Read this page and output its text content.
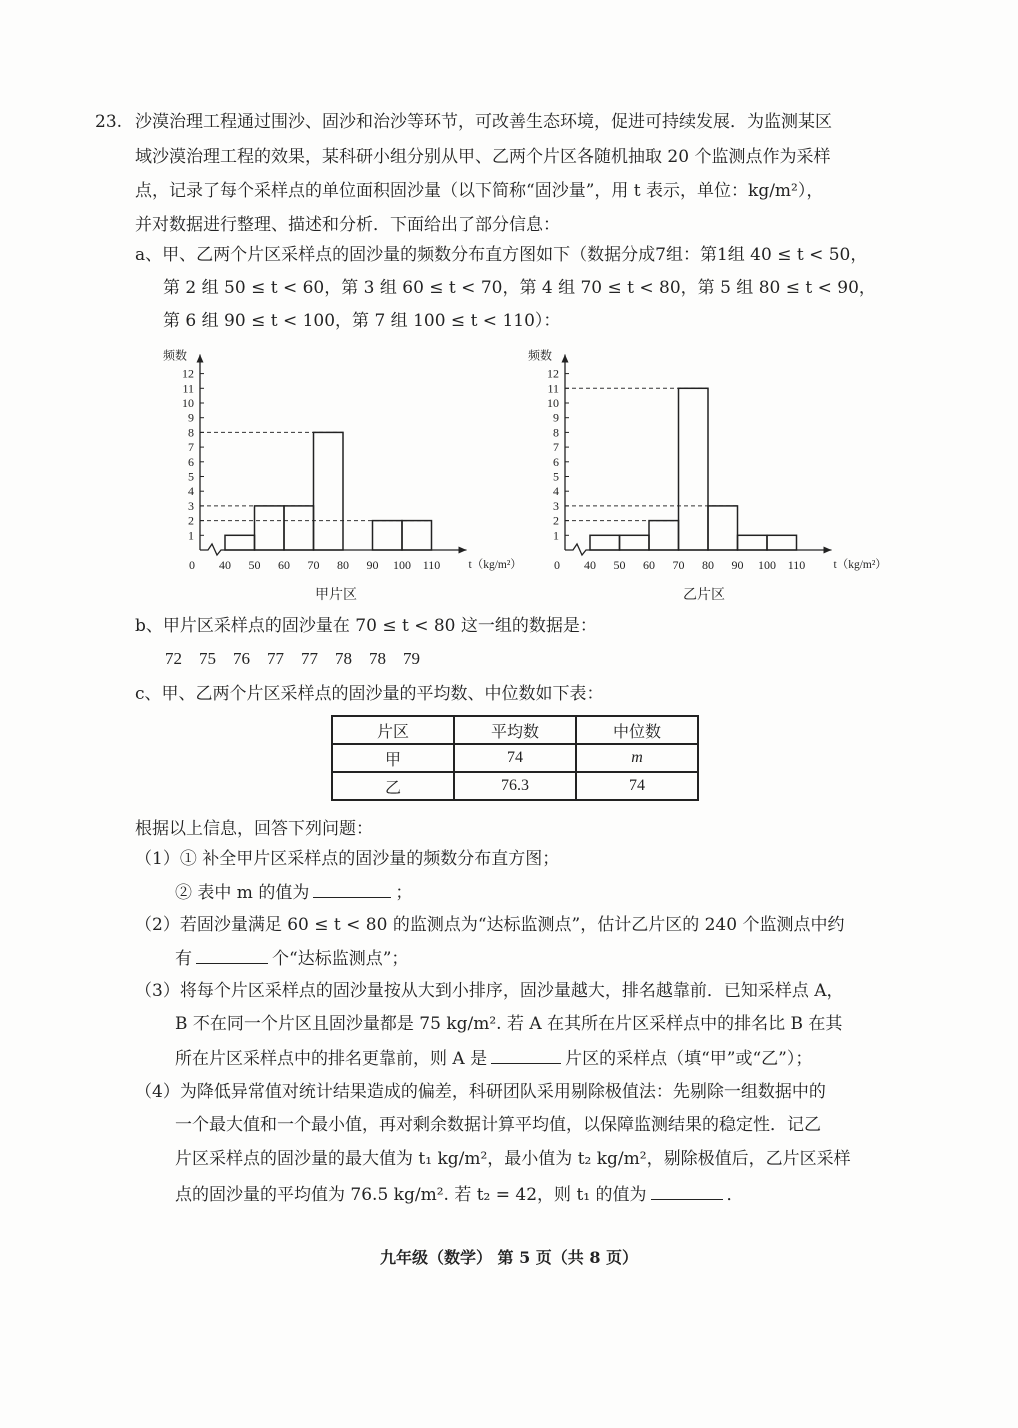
23. 沙漠治理工程通过围沙、固沙和治沙等环节，可改善生态环境，促进可持续发展．为监测某区
域沙漠治理工程的效果，某科研小组分别从甲、乙两个片区各随机抽取 20 个监测点作为采样
点，记录了每个采样点的单位面积固沙量（以下简称“固沙量”，用 t 表示，单位：kg/m²），
并对数据进行整理、描述和分析．下面给出了部分信息：
a、甲、乙两个片区采样点的固沙量的频数分布直方图如下（数据分成7组：第1组 40 ≤ t < 50，
第 2 组 50 ≤ t < 60，第 3 组 60 ≤ t < 70，第 4 组 70 ≤ t < 80，第 5 组 80 ≤ t < 90，
第 6 组 90 ≤ t < 100，第 7 组 100 ≤ t < 110）：
1
2
3
4
5
6
7
8
9
10
11
12
0 40 50 60 70 80 90 100 110
频数
t（kg/m²）
1
2
3
4
5
6
7
8
9
10
11
12
0 40 50 60 70 80 90 100 110
频数
t（kg/m²）
甲片区	乙片区
b、甲片区采样点的固沙量在 70 ≤ t < 80 这一组的数据是：
72　75　76　77　77　78　78　79
c、甲、乙两个片区采样点的固沙量的平均数、中位数如下表：
片区	平均数	中位数
甲	74	m
乙	76.3	74
根据以上信息，回答下列问题：
（1）① 补全甲片区采样点的固沙量的频数分布直方图；
② 表中 m 的值为	；
（2）若固沙量满足 60 ≤ t < 80 的监测点为“达标监测点”，估计乙片区的 240 个监测点中约
有	个“达标监测点”；
（3）将每个片区采样点的固沙量按从大到小排序，固沙量越大，排名越靠前．已知采样点 A，
B 不在同一个片区且固沙量都是 75 kg/m². 若 A 在其所在片区采样点中的排名比 B 在其
所在片区采样点中的排名更靠前，则 A 是	片区的采样点（填“甲”或“乙”）；
（4）为降低异常值对统计结果造成的偏差，科研团队采用剔除极值法：先剔除一组数据中的
一个最大值和一个最小值，再对剩余数据计算平均值，以保障监测结果的稳定性．记乙
片区采样点的固沙量的最大值为 t₁ kg/m²，最小值为 t₂ kg/m²，剔除极值后，乙片区采样
点的固沙量的平均值为 76.5 kg/m². 若 t₂ = 42，则 t₁ 的值为	．
九年级（数学） 第 5 页（共 8 页）
